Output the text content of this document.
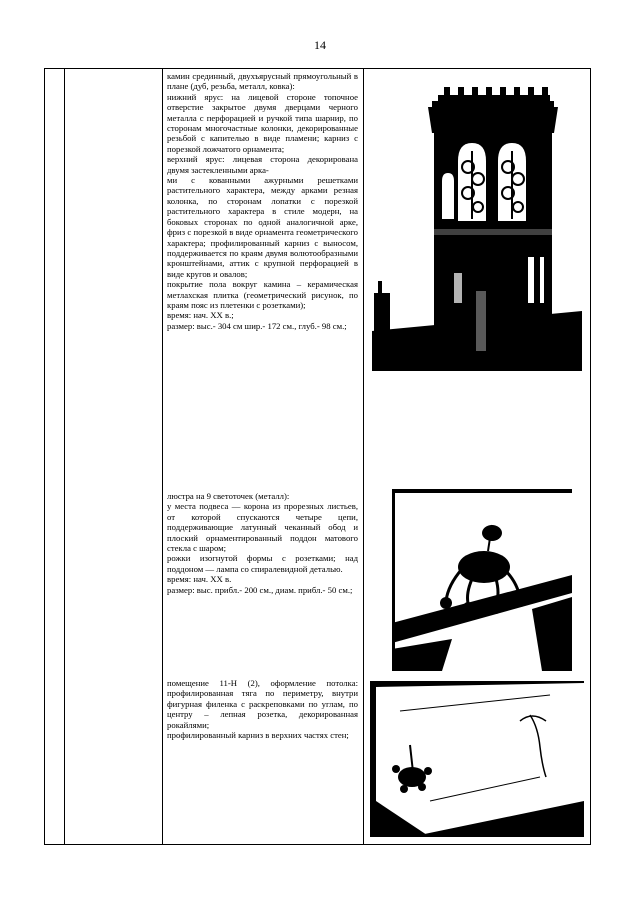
14

камин срединный, двухъярусный прямоугольный в плане (дуб, резьба, металл, ковка):

нижний ярус: на лицевой стороне топочное отверстие закрытое двумя дверцами черного металла с перфорацией и ручкой типа шарнир, по сторонам многочастные колонки, декорированные резьбой с капителью в виде пламени; карниз с порезкой ложчатого орнамента;

верхний ярус: лицевая сторона декорирована двумя застекленными арка-

ми с кованными ажурными решетками растительного характера, между арками резная колонка, по сторонам лопатки с порезкой растительного характера в стиле модерн, на боковых сторонах по одной аналогичной арке, фриз с порезкой в виде орнамента геометрического характера; профилированный карниз с выносом, поддерживается по краям двумя волютообразными кронштейнами, аттик с крупной перфорацией в виде кругов и овалов;

покрытие пола вокруг камина – керамическая метлахская плитка (геометрический рисунок, по краям пояс из плетенки с розетками);

время: нач. XX в.;

размер: выс.- 304 см шир.- 172 см., глуб.- 98 см.;

люстра на 9 светоточек (металл):

у места подвеса — корона из прорезных листьев, от которой спускаются четыре цепи, поддерживающие латунный чеканный обод и плоский орнаментированный поддон матового стекла с шаром;

рожки изогнутой формы с розетками; над поддоном — лампа со спиралевидной деталью.

время: нач. XX в.

размер: выс. прибл.- 200 см., диам. прибл.- 50 см.;

помещение 11-Н (2), оформление потолка: профилированная тяга по периметру, внутри фигурная филенка с раскреповками по углам, по центру – лепная розетка, декорированная рокайлями;

профилированный карниз в верхних частях стен;
